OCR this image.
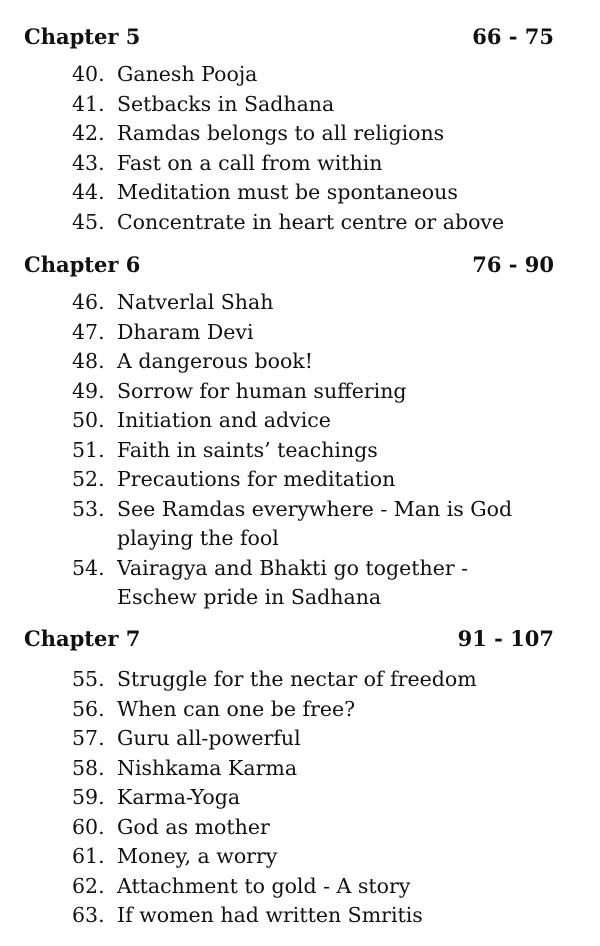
Chapter 5	66 - 75
40. Ganesh Pooja
41. Setbacks in Sadhana
42. Ramdas belongs to all religions
43. Fast on a call from within
44. Meditation must be spontaneous
45. Concentrate in heart centre or above
Chapter 6	76 - 90
46. Natverlal Shah
47. Dharam Devi
48. A dangerous book!
49. Sorrow for human suffering
50. Initiation and advice
51. Faith in saints’ teachings
52. Precautions for meditation
53. See Ramdas everywhere - Man is God
playing the fool
54. Vairagya and Bhakti go together -
Eschew pride in Sadhana
Chapter 7	91 - 107
55. Struggle for the nectar of freedom
56. When can one be free?
57. Guru all-powerful
58. Nishkama Karma
59. Karma-Yoga
60. God as mother
61. Money, a worry
62. Attachment to gold - A story
63. If women had written Smritis
